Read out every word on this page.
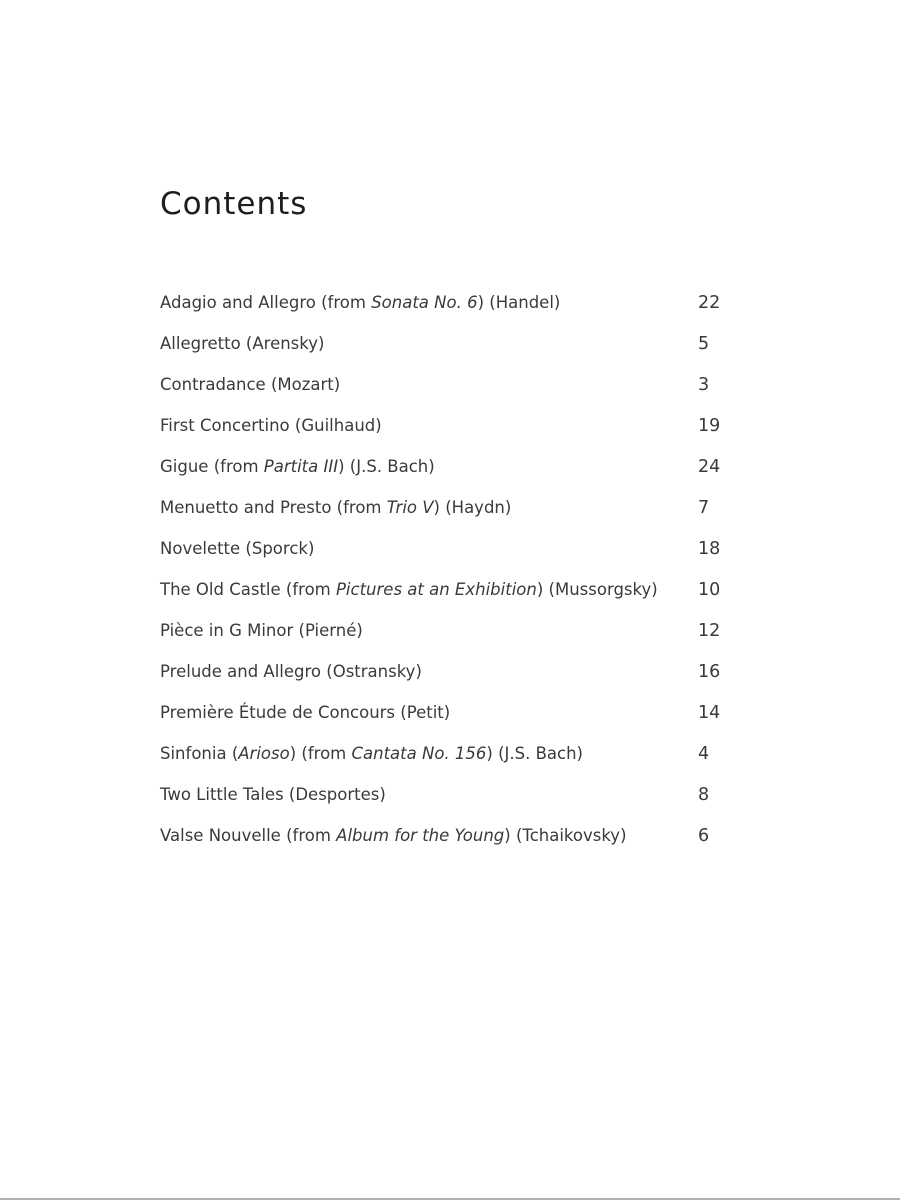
Contents
Adagio and Allegro (from Sonata No. 6) (Handel)	22
Allegretto (Arensky)	5
Contradance (Mozart)	3
First Concertino (Guilhaud)	19
Gigue (from Partita III) (J.S. Bach)	24
Menuetto and Presto (from Trio V) (Haydn)	7
Novelette (Sporck)	18
The Old Castle (from Pictures at an Exhibition) (Mussorgsky) 10
Pièce in G Minor (Pierné)	12
Prelude and Allegro (Ostransky)	16
Première Étude de Concours (Petit)	14
Sinfonia (Arioso) (from Cantata No. 156) (J.S. Bach)	4
Two Little Tales (Desportes)	8
Valse Nouvelle (from Album for the Young) (Tchaikovsky)	6
